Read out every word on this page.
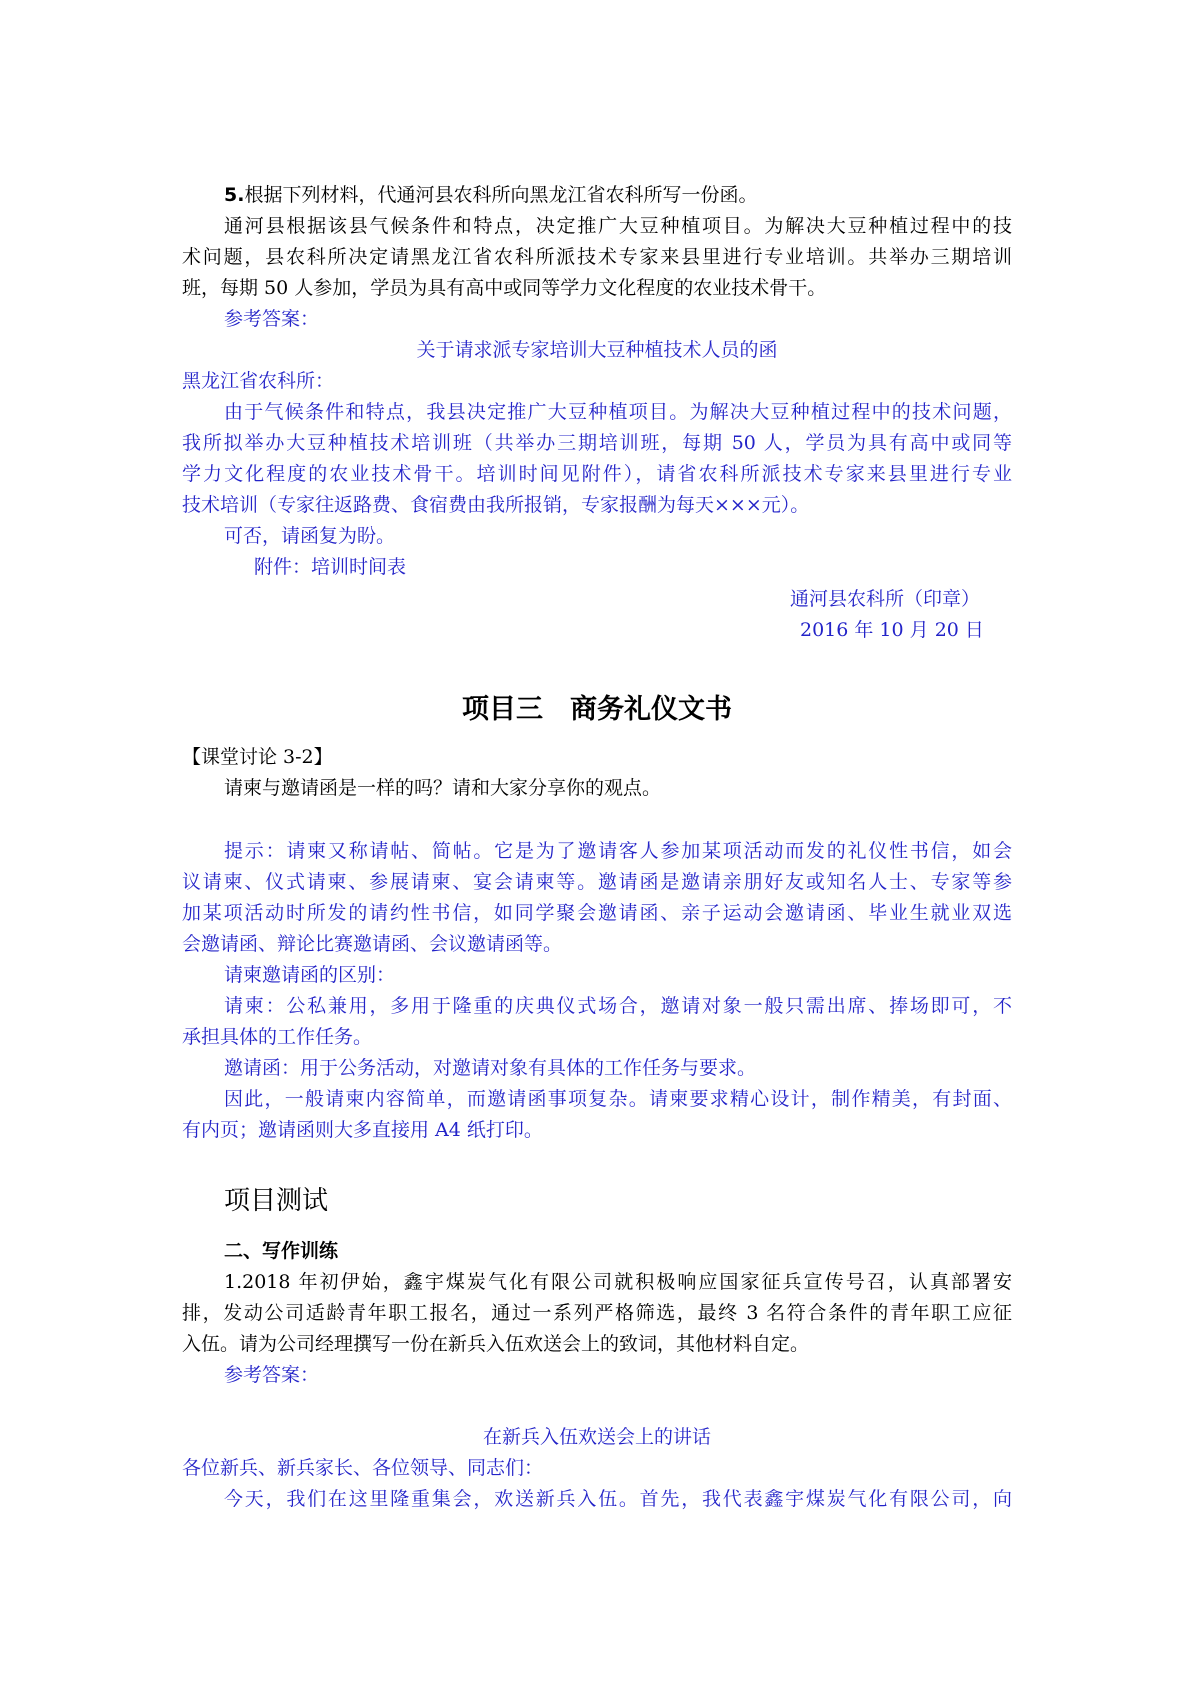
5.根据下列材料，代通河县农科所向黑龙江省农科所写一份函。
通河县根据该县气候条件和特点，决定推广大豆种植项目。为解决大豆种植过程中的技
术问题，县农科所决定请黑龙江省农科所派技术专家来县里进行专业培训。共举办三期培训
班，每期 50 人参加，学员为具有高中或同等学力文化程度的农业技术骨干。
参考答案：
关于请求派专家培训大豆种植技术人员的函
黑龙江省农科所：
由于气候条件和特点，我县决定推广大豆种植项目。为解决大豆种植过程中的技术问题，
我所拟举办大豆种植技术培训班（共举办三期培训班，每期 50 人，学员为具有高中或同等
学力文化程度的农业技术骨干。培训时间见附件），请省农科所派技术专家来县里进行专业
技术培训（专家往返路费、食宿费由我所报销，专家报酬为每天×××元）。
可否，请函复为盼。
附件：培训时间表
通河县农科所（印章）
2016 年 10 月 20 日
项目三　商务礼仪文书
【课堂讨论 3-2】
请柬与邀请函是一样的吗？请和大家分享你的观点。
提示：请柬又称请帖、简帖。它是为了邀请客人参加某项活动而发的礼仪性书信，如会
议请柬、仪式请柬、参展请柬、宴会请柬等。邀请函是邀请亲朋好友或知名人士、专家等参
加某项活动时所发的请约性书信，如同学聚会邀请函、亲子运动会邀请函、毕业生就业双选
会邀请函、辩论比赛邀请函、会议邀请函等。
请柬邀请函的区别：
请柬：公私兼用，多用于隆重的庆典仪式场合，邀请对象一般只需出席、捧场即可，不
承担具体的工作任务。
邀请函：用于公务活动，对邀请对象有具体的工作任务与要求。
因此，一般请柬内容简单，而邀请函事项复杂。请柬要求精心设计，制作精美，有封面、
有内页；邀请函则大多直接用 A4 纸打印。
项目测试
二、写作训练
1.2018 年初伊始，鑫宇煤炭气化有限公司就积极响应国家征兵宣传号召，认真部署安
排，发动公司适龄青年职工报名，通过一系列严格筛选，最终 3 名符合条件的青年职工应征
入伍。请为公司经理撰写一份在新兵入伍欢送会上的致词，其他材料自定。
参考答案：
在新兵入伍欢送会上的讲话
各位新兵、新兵家长、各位领导、同志们：
今天，我们在这里隆重集会，欢送新兵入伍。首先，我代表鑫宇煤炭气化有限公司，向
